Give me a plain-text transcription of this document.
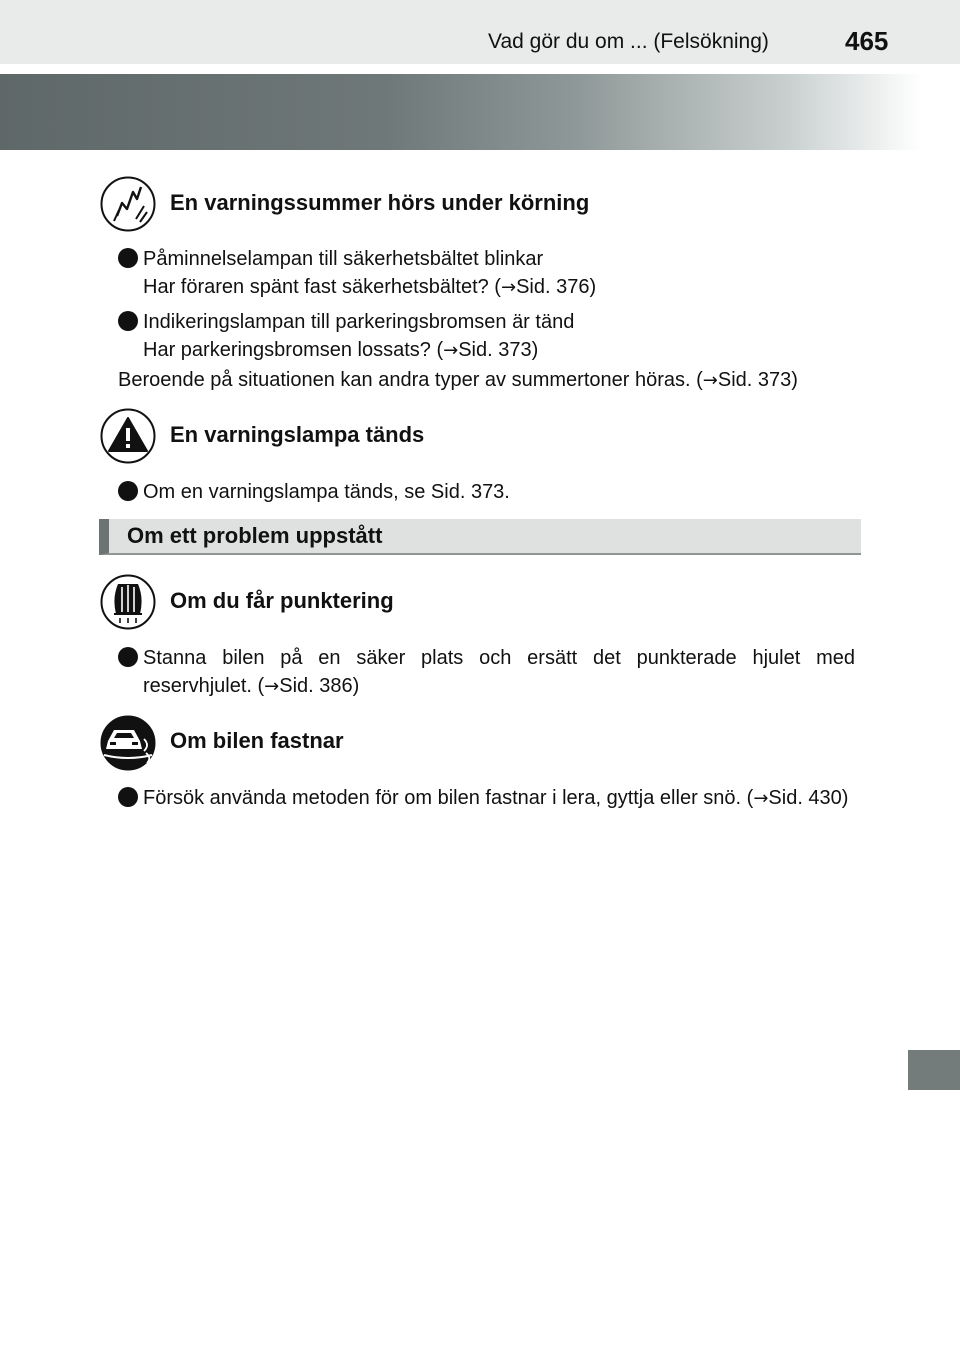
Vad gör du om ... (Felsökning)	465
En varningssummer hörs under körning
Påminnelselampan till säkerhetsbältet blinkar
Har föraren spänt fast säkerhetsbältet? (→Sid. 376)
Indikeringslampan till parkeringsbromsen är tänd
Har parkeringsbromsen lossats? (→Sid. 373)
Beroende på situationen kan andra typer av summertoner höras. (→Sid. 373)
En varningslampa tänds
Om en varningslampa tänds, se Sid. 373.
Om ett problem uppstått
Om du får punktering
Stanna bilen på en säker plats och ersätt det punkterade hjulet med reservhjulet. (→Sid. 386)
Om bilen fastnar
Försök använda metoden för om bilen fastnar i lera, gyttja eller snö. (→Sid. 430)
